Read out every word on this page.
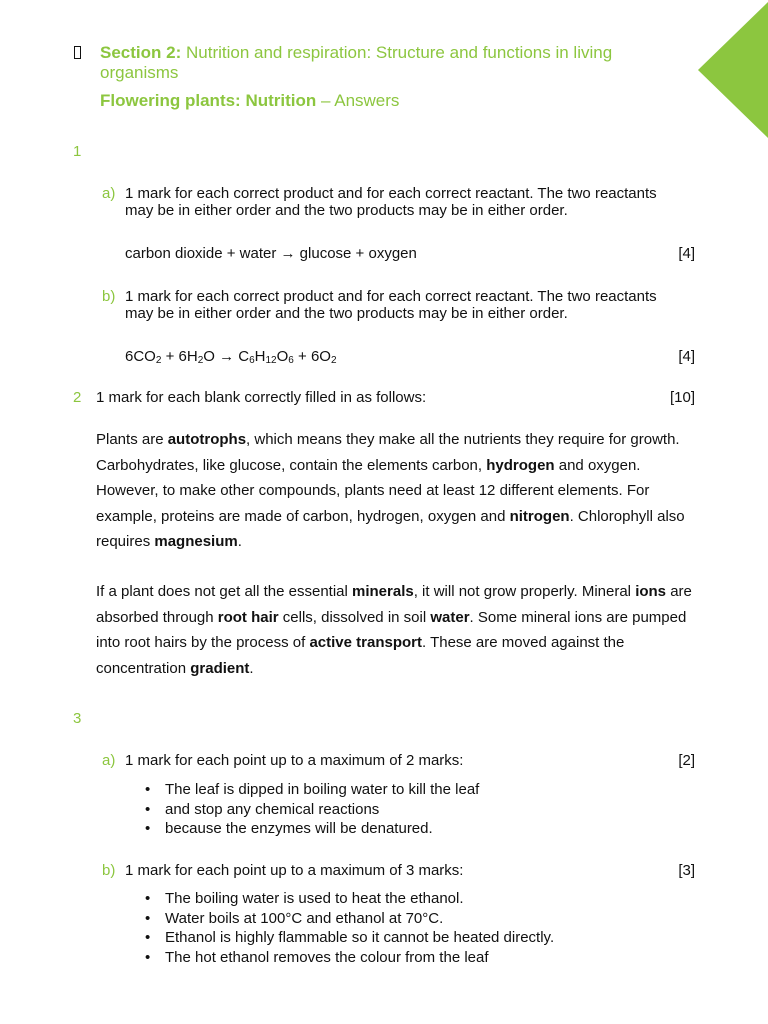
Section 2: Nutrition and respiration: Structure and functions in living organisms
Flowering plants: Nutrition – Answers
1
a) 1 mark for each correct product and for each correct reactant. The two reactants may be in either order and the two products may be in either order.
carbon dioxide + water → glucose + oxygen	[4]
b) 1 mark for each correct product and for each correct reactant. The two reactants may be in either order and the two products may be in either order.
$6CO_2 + 6H_2O \to C_6H_{12}O_6 + 6O_2$	[4]
2 1 mark for each blank correctly filled in as follows:	[10]
Plants are autotrophs, which means they make all the nutrients they require for growth. Carbohydrates, like glucose, contain the elements carbon, hydrogen and oxygen. However, to make other compounds, plants need at least 12 different elements. For example, proteins are made of carbon, hydrogen, oxygen and nitrogen. Chlorophyll also requires magnesium.
If a plant does not get all the essential minerals, it will not grow properly. Mineral ions are absorbed through root hair cells, dissolved in soil water. Some mineral ions are pumped into root hairs by the process of active transport. These are moved against the concentration gradient.
3
a) 1 mark for each point up to a maximum of 2 marks:	[2]
• The leaf is dipped in boiling water to kill the leaf
• and stop any chemical reactions
• because the enzymes will be denatured.
b) 1 mark for each point up to a maximum of 3 marks:	[3]
• The boiling water is used to heat the ethanol.
• Water boils at 100°C and ethanol at 70°C.
• Ethanol is highly flammable so it cannot be heated directly.
• The hot ethanol removes the colour from the leaf
